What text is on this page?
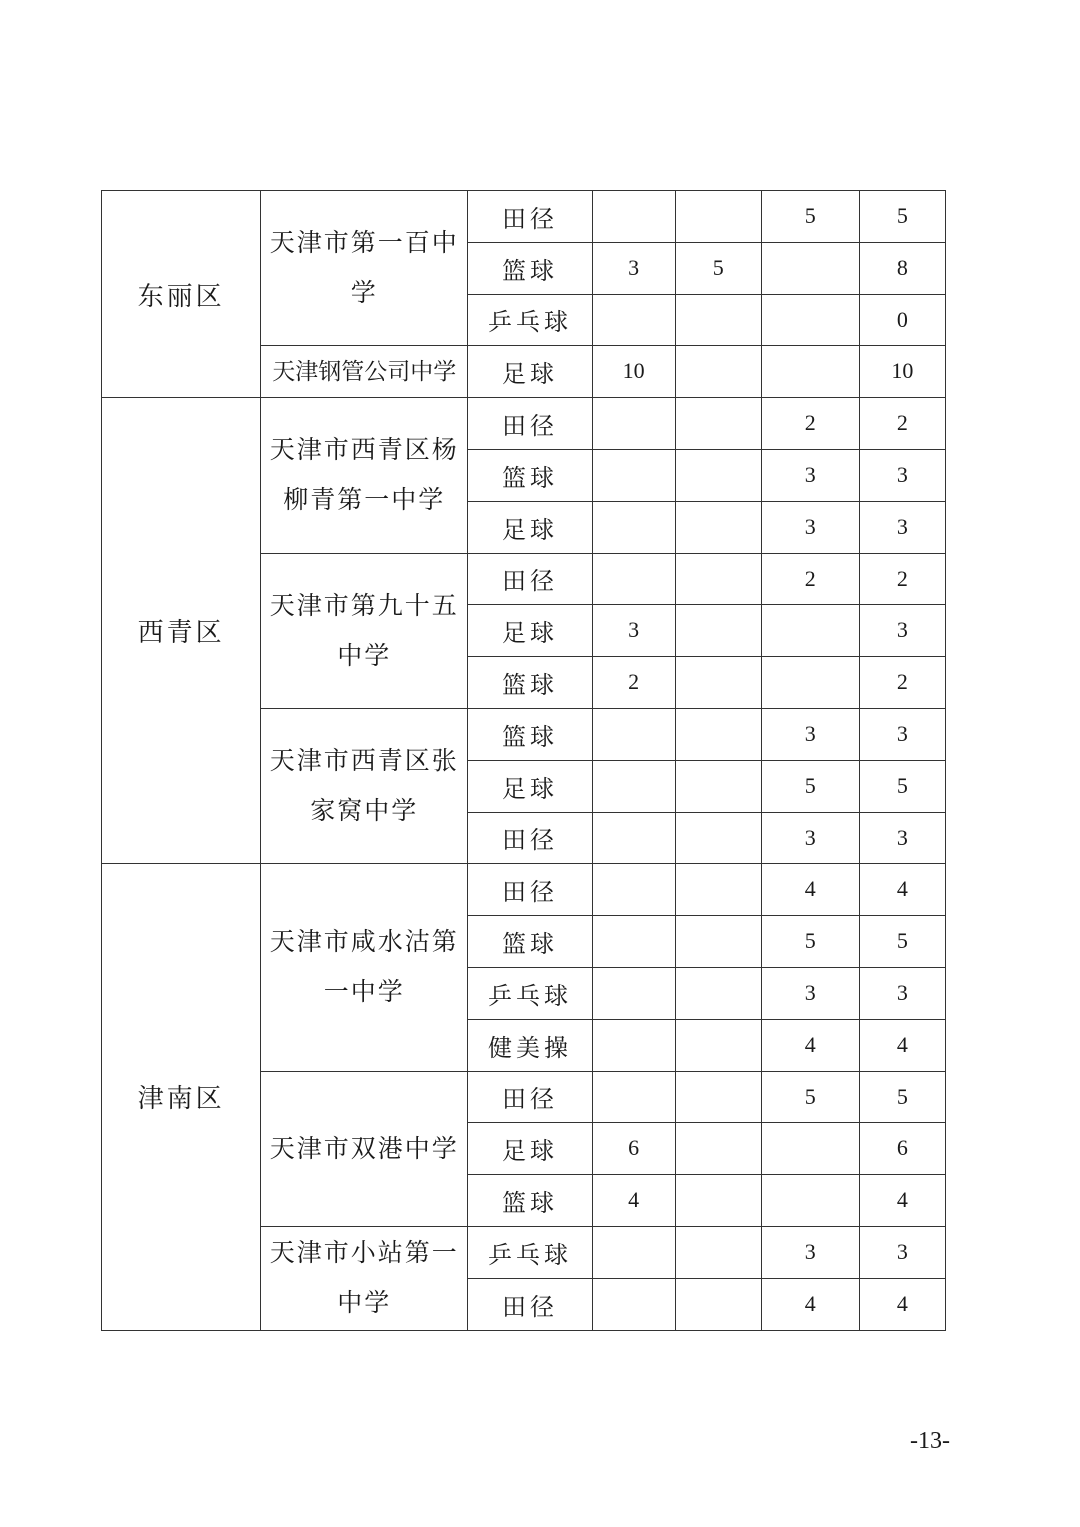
东丽区	天津市第一百中学	田径			5	5
		篮球	3	5		8
		乒乓球				0
	天津钢管公司中学	足球	10			10
西青区	天津市西青区杨柳青第一中学	田径			2	2
		篮球			3	3
		足球			3	3
	天津市第九十五中学	田径			2	2
		足球	3			3
		篮球	2			2
	天津市西青区张家窝中学	篮球			3	3
		足球			5	5
		田径			3	3
津南区	天津市咸水沽第一中学	田径			4	4
		篮球			5	5
		乒乓球			3	3
		健美操			4	4
	天津市双港中学	田径			5	5
		足球	6			6
		篮球	4			4
	天津市小站第一中学	乒乓球			3	3
		田径			4	4
-13-
